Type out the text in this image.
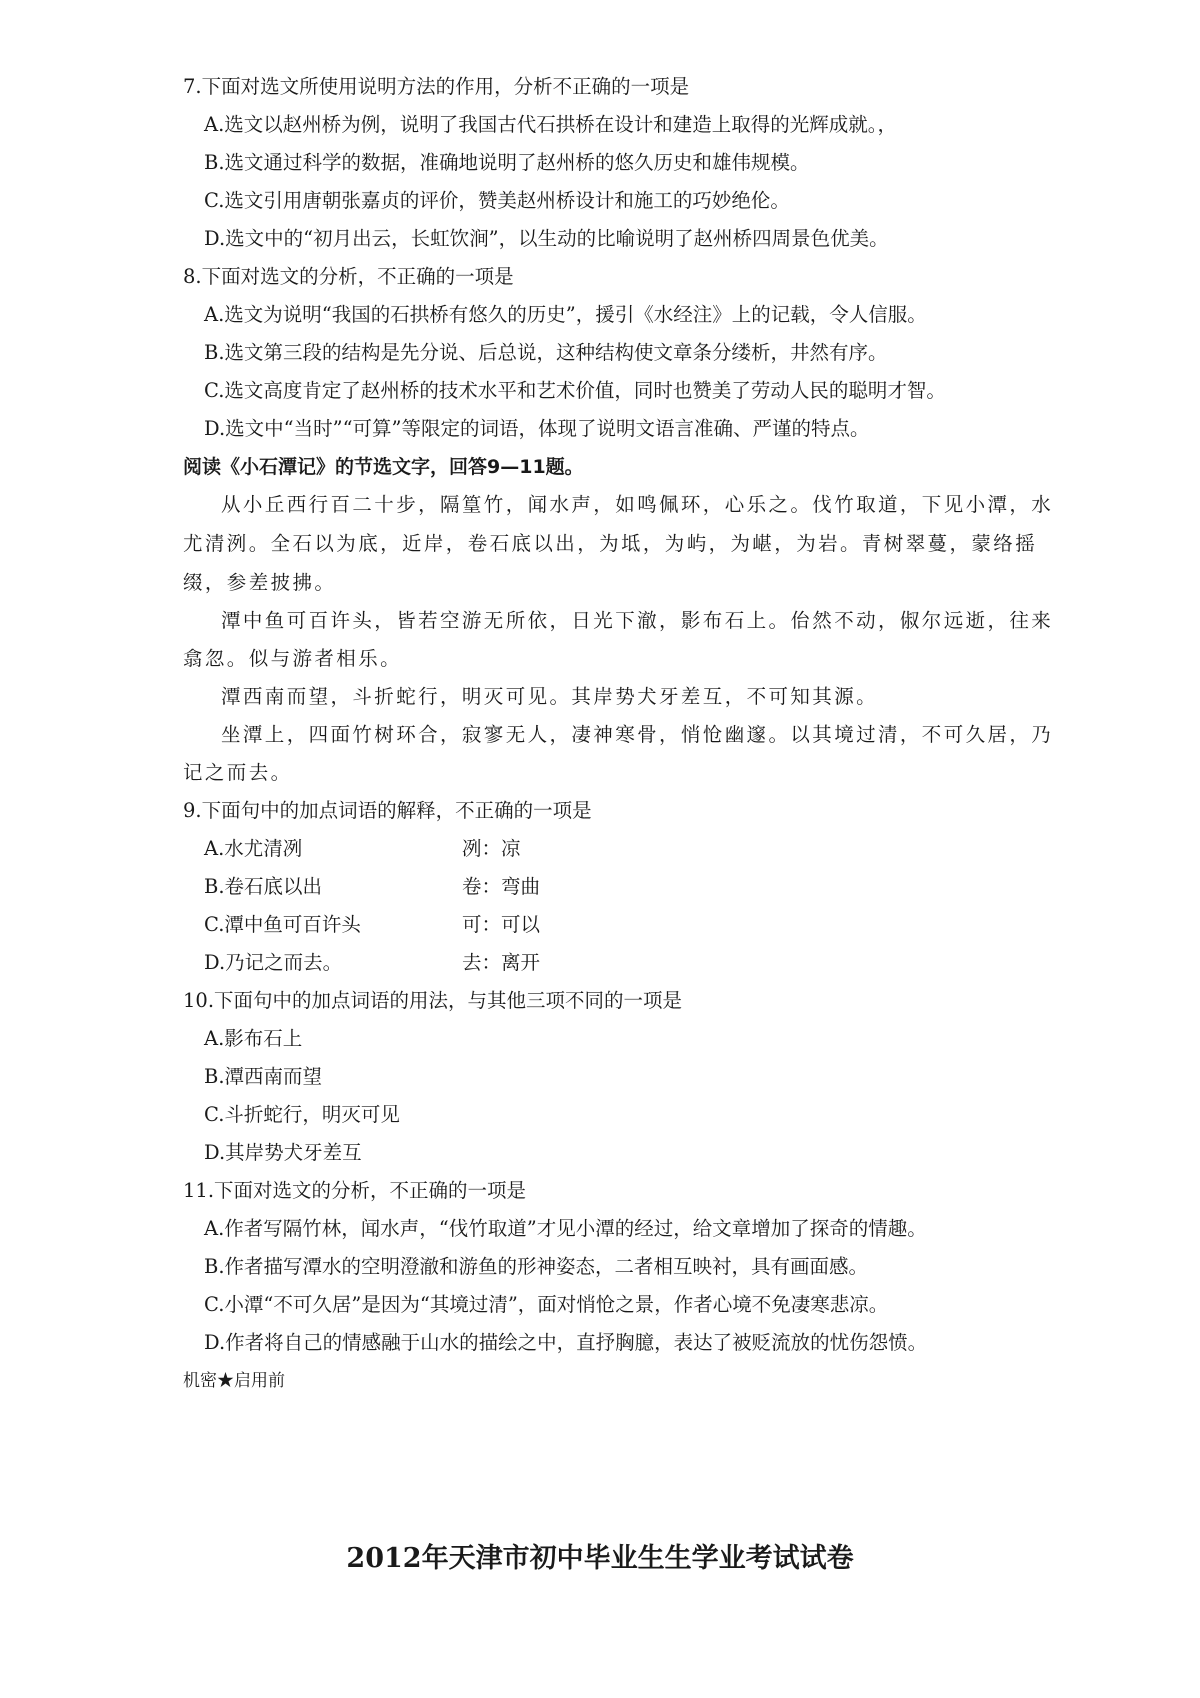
7.下面对选文所使用说明方法的作用，分析不正确的一项是
A.选文以赵州桥为例，说明了我国古代石拱桥在设计和建造上取得的光辉成就。，
B.选文通过科学的数据，准确地说明了赵州桥的悠久历史和雄伟规模。
C.选文引用唐朝张嘉贞的评价，赞美赵州桥设计和施工的巧妙绝伦。
D.选文中的“初月出云，长虹饮涧”，以生动的比喻说明了赵州桥四周景色优美。
8.下面对选文的分析，不正确的一项是
A.选文为说明“我国的石拱桥有悠久的历史”，援引《水经注》上的记载，令人信服。
B.选文第三段的结构是先分说、后总说，这种结构使文章条分缕析，井然有序。
C.选文高度肯定了赵州桥的技术水平和艺术价值，同时也赞美了劳动人民的聪明才智。
D.选文中“当时”“可算”等限定的词语，体现了说明文语言准确、严谨的特点。
阅读《小石潭记》的节选文字，回答9—11题。
从小丘西行百二十步，隔篁竹，闻水声，如鸣佩环，心乐之。伐竹取道，下见小潭，水
尤清洌。全石以为底，近岸，卷石底以出，为坻，为屿，为嵁，为岩。青树翠蔓，蒙络摇
缀，参差披拂。
潭中鱼可百许头，皆若空游无所依，日光下澈，影布石上。佁然不动，俶尔远逝，往来
翕忽。似与游者相乐。
潭西南而望，斗折蛇行，明灭可见。其岸势犬牙差互，不可知其源。
坐潭上，四面竹树环合，寂寥无人，凄神寒骨，悄怆幽邃。以其境过清，不可久居，乃
记之而去。
9.下面句中的加点词语的解释，不正确的一项是
A.水尤清冽	冽：凉
B.卷石底以出	卷：弯曲
C.潭中鱼可百许头	可：可以
D.乃记之而去。	去：离开
10.下面句中的加点词语的用法，与其他三项不同的一项是
A.影布石上
B.潭西南而望
C.斗折蛇行，明灭可见
D.其岸势犬牙差互
11.下面对选文的分析，不正确的一项是
A.作者写隔竹林，闻水声，“伐竹取道”才见小潭的经过，给文章增加了探奇的情趣。
B.作者描写潭水的空明澄澈和游鱼的形神姿态，二者相互映衬，具有画面感。
C.小潭“不可久居”是因为“其境过清”，面对悄怆之景，作者心境不免凄寒悲凉。
D.作者将自己的情感融于山水的描绘之中，直抒胸臆，表达了被贬流放的忧伤怨愤。
机密★启用前
2012年天津市初中毕业生生学业考试试卷
